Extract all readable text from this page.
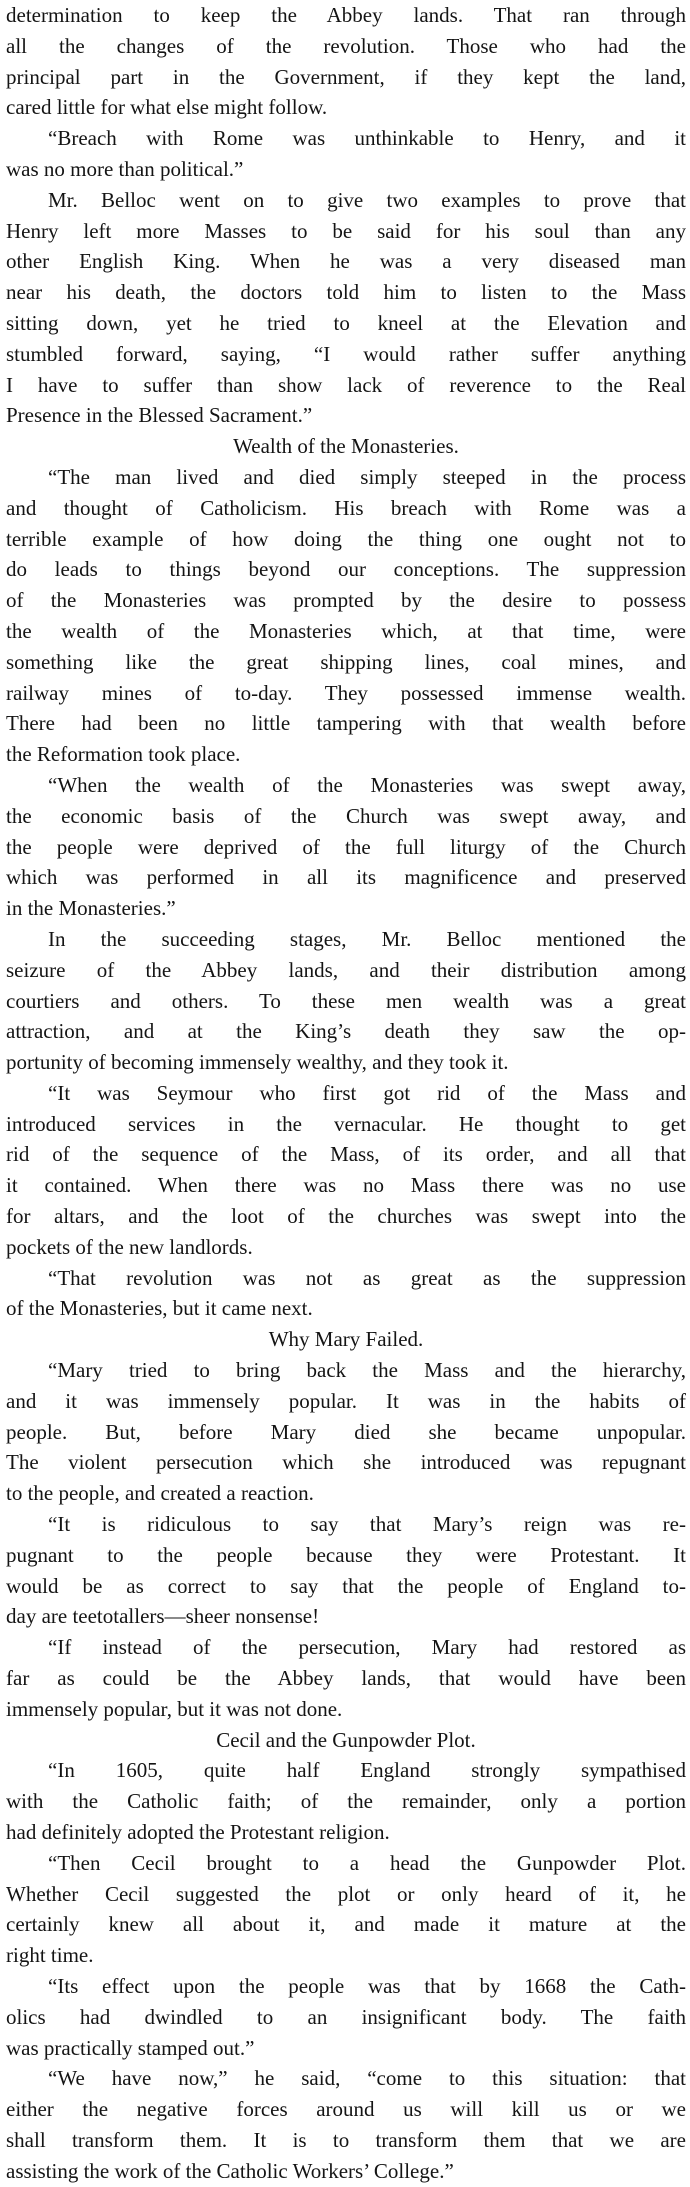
determination to keep the Abbey lands. That ran through
all the changes of the revolution. Those who had the
principal part in the Government, if they kept the land,
cared little for what else might follow.
“Breach with Rome was unthinkable to Henry, and it
was no more than political.”
Mr. Belloc went on to give two examples to prove that
Henry left more Masses to be said for his soul than any
other English King. When he was a very diseased man
near his death, the doctors told him to listen to the Mass
sitting down, yet he tried to kneel at the Elevation and
stumbled forward, saying, “I would rather suffer anything
I have to suffer than show lack of reverence to the Real
Presence in the Blessed Sacrament.”
Wealth of the Monasteries.
“The man lived and died simply steeped in the process
and thought of Catholicism. His breach with Rome was a
terrible example of how doing the thing one ought not to
do leads to things beyond our conceptions. The suppression
of the Monasteries was prompted by the desire to possess
the wealth of the Monasteries which, at that time, were
something like the great shipping lines, coal mines, and
railway mines of to-day. They possessed immense wealth.
There had been no little tampering with that wealth before
the Reformation took place.
“When the wealth of the Monasteries was swept away,
the economic basis of the Church was swept away, and
the people were deprived of the full liturgy of the Church
which was performed in all its magnificence and preserved
in the Monasteries.”
In the succeeding stages, Mr. Belloc mentioned the
seizure of the Abbey lands, and their distribution among
courtiers and others. To these men wealth was a great
attraction, and at the King’s death they saw the op-
portunity of becoming immensely wealthy, and they took it.
“It was Seymour who first got rid of the Mass and
introduced services in the vernacular. He thought to get
rid of the sequence of the Mass, of its order, and all that
it contained. When there was no Mass there was no use
for altars, and the loot of the churches was swept into the
pockets of the new landlords.
“That revolution was not as great as the suppression
of the Monasteries, but it came next.
Why Mary Failed.
“Mary tried to bring back the Mass and the hierarchy,
and it was immensely popular. It was in the habits of
people. But, before Mary died she became unpopular.
The violent persecution which she introduced was repugnant
to the people, and created a reaction.
“It is ridiculous to say that Mary’s reign was re-
pugnant to the people because they were Protestant. It
would be as correct to say that the people of England to-
day are teetotallers—sheer nonsense!
“If instead of the persecution, Mary had restored as
far as could be the Abbey lands, that would have been
immensely popular, but it was not done.
Cecil and the Gunpowder Plot.
“In 1605, quite half England strongly sympathised
with the Catholic faith; of the remainder, only a portion
had definitely adopted the Protestant religion.
“Then Cecil brought to a head the Gunpowder Plot.
Whether Cecil suggested the plot or only heard of it, he
certainly knew all about it, and made it mature at the
right time.
“Its effect upon the people was that by 1668 the Cath-
olics had dwindled to an insignificant body. The faith
was practically stamped out.”
“We have now,” he said, “come to this situation: that
either the negative forces around us will kill us or we
shall transform them. It is to transform them that we are
assisting the work of the Catholic Workers’ College.”
